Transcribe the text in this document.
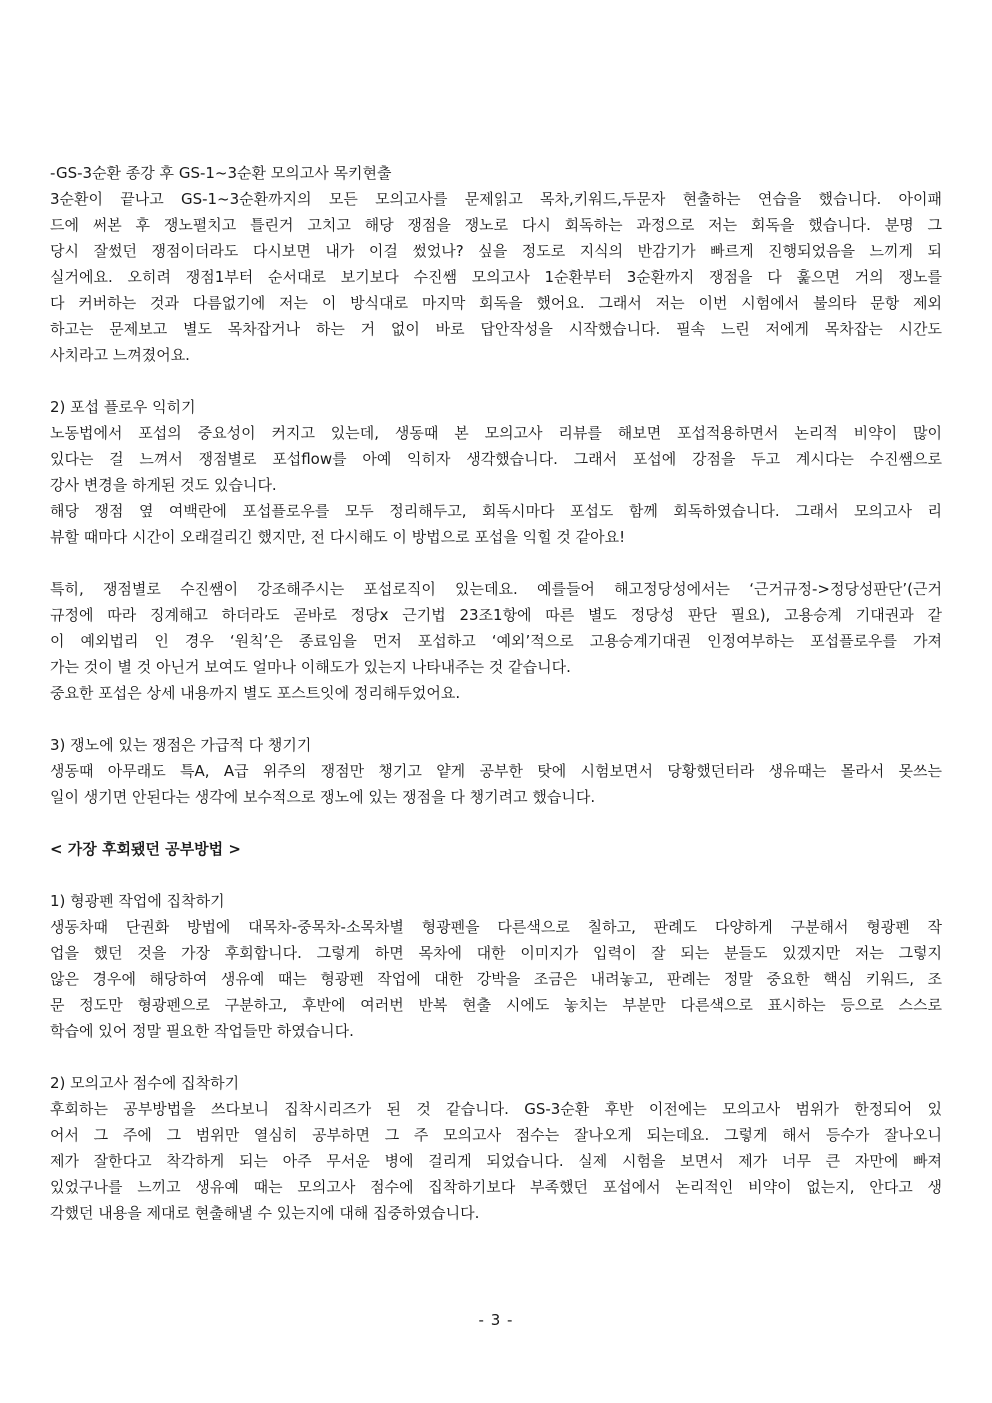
-GS-3순환 종강 후 GS-1~3순환 모의고사 목키현출
3순환이 끝나고 GS-1~3순환까지의 모든 모의고사를 문제읽고 목차,키워드,두문자 현출하는 연습을 했습니다. 아이패
드에 써본 후 쟁노펼치고 틀린거 고치고 해당 쟁점을 쟁노로 다시 회독하는 과정으로 저는 회독을 했습니다. 분명 그
당시 잘썼던 쟁점이더라도 다시보면 내가 이걸 썼었나? 싶을 정도로 지식의 반감기가 빠르게 진행되었음을 느끼게 되
실거에요. 오히려 쟁점1부터 순서대로 보기보다 수진쌤 모의고사 1순환부터 3순환까지 쟁점을 다 훑으면 거의 쟁노를
다 커버하는 것과 다름없기에 저는 이 방식대로 마지막 회독을 했어요. 그래서 저는 이번 시험에서 불의타 문항 제외
하고는 문제보고 별도 목차잡거나 하는 거 없이 바로 답안작성을 시작했습니다. 필속 느린 저에게 목차잡는 시간도
사치라고 느껴졌어요.
2) 포섭 플로우 익히기
노동법에서 포섭의 중요성이 커지고 있는데, 생동때 본 모의고사 리뷰를 해보면 포섭적용하면서 논리적 비약이 많이
있다는 걸 느껴서 쟁점별로 포섭flow를 아예 익히자 생각했습니다. 그래서 포섭에 강점을 두고 계시다는 수진쌤으로
강사 변경을 하게된 것도 있습니다.
해당 쟁점 옆 여백란에 포섭플로우를 모두 정리해두고, 회독시마다 포섭도 함께 회독하였습니다. 그래서 모의고사 리
뷰할 때마다 시간이 오래걸리긴 했지만, 전 다시해도 이 방법으로 포섭을 익힐 것 같아요!
특히, 쟁점별로 수진쌤이 강조해주시는 포섭로직이 있는데요. 예를들어 해고정당성에서는 ‘근거규정->정당성판단’(근거
규정에 따라 징계해고 하더라도 곧바로 정당x 근기법 23조1항에 따른 별도 정당성 판단 필요), 고용승계 기대권과 같
이 예외법리 인 경우 ‘원칙’은 종료임을 먼저 포섭하고 ‘예외’적으로 고용승계기대권 인정여부하는 포섭플로우를 가져
가는 것이 별 것 아닌거 보여도 얼마나 이해도가 있는지 나타내주는 것 같습니다.
중요한 포섭은 상세 내용까지 별도 포스트잇에 정리해두었어요.
3) 쟁노에 있는 쟁점은 가급적 다 챙기기
생동때 아무래도 특A, A급 위주의 쟁점만 챙기고 얕게 공부한 탓에 시험보면서 당황했던터라 생유때는 몰라서 못쓰는
일이 생기면 안된다는 생각에 보수적으로 쟁노에 있는 쟁점을 다 챙기려고 했습니다.
< 가장 후회됐던 공부방법 >
1) 형광펜 작업에 집착하기
생동차때 단권화 방법에 대목차-중목차-소목차별 형광펜을 다른색으로 칠하고, 판례도 다양하게 구분해서 형광펜 작
업을 했던 것을 가장 후회합니다. 그렇게 하면 목차에 대한 이미지가 입력이 잘 되는 분들도 있겠지만 저는 그렇지
않은 경우에 해당하여 생유예 때는 형광펜 작업에 대한 강박을 조금은 내려놓고, 판례는 정말 중요한 핵심 키워드, 조
문 정도만 형광펜으로 구분하고, 후반에 여러번 반복 현출 시에도 놓치는 부분만 다른색으로 표시하는 등으로 스스로
학습에 있어 정말 필요한 작업들만 하였습니다.
2) 모의고사 점수에 집착하기
후회하는 공부방법을 쓰다보니 집착시리즈가 된 것 같습니다. GS-3순환 후반 이전에는 모의고사 범위가 한정되어 있
어서 그 주에 그 범위만 열심히 공부하면 그 주 모의고사 점수는 잘나오게 되는데요. 그렇게 해서 등수가 잘나오니
제가 잘한다고 착각하게 되는 아주 무서운 병에 걸리게 되었습니다. 실제 시험을 보면서 제가 너무 큰 자만에 빠져
있었구나를 느끼고 생유예 때는 모의고사 점수에 집착하기보다 부족했던 포섭에서 논리적인 비약이 없는지, 안다고 생
각했던 내용을 제대로 현출해낼 수 있는지에 대해 집중하였습니다.
- 3 -
